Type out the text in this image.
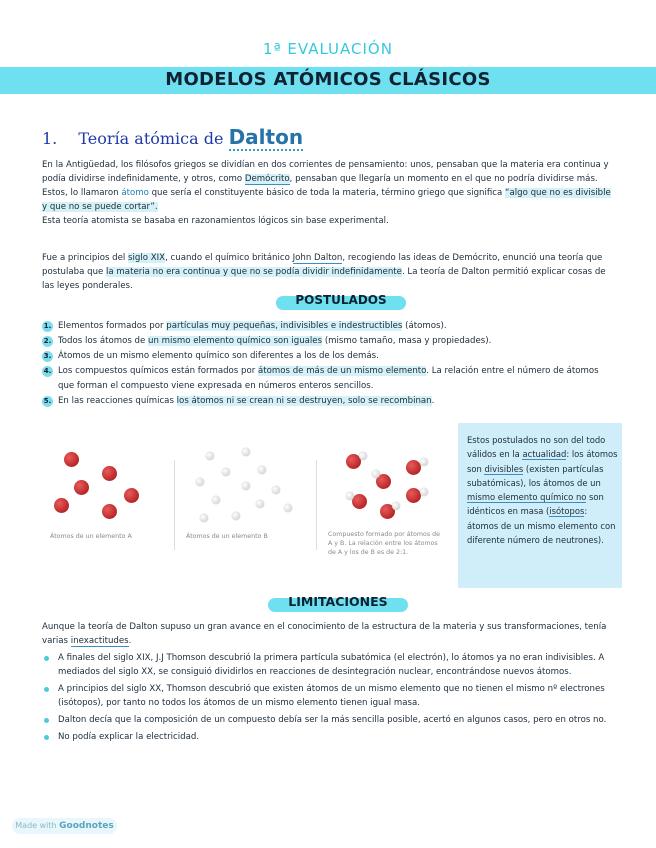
1ª EVALUACIÓN
MODELOS ATÓMICOS CLÁSICOS
1. Teoría atómica de Dalton
En la Antigüedad, los filósofos griegos se dividían en dos corrientes de pensamiento: unos, pensaban que la materia era continua y podía dividirse indefinidamente, y otros, como Demócrito, pensaban que llegaría un momento en el que no podría dividirse más. Estos, lo llamaron átomo que sería el constituyente básico de toda la materia, término griego que significa “algo que no es divisible y que no se puede cortar”.
Esta teoría atomista se basaba en razonamientos lógicos sin base experimental.
Fue a principios del siglo XIX, cuando el químico británico John Dalton, recogiendo las ideas de Demócrito, enunció una teoría que postulaba que la materia no era continua y que no se podía dividir indefinidamente. La teoría de Dalton permitió explicar cosas de las leyes ponderales.
POSTULADOS
1. Elementos formados por partículas muy pequeñas, indivisibles e indestructibles (átomos).
2. Todos los átomos de un mismo elemento químico son iguales (mismo tamaño, masa y propiedades).
3. Átomos de un mismo elemento químico son diferentes a los de los demás.
4. Los compuestos químicos están formados por átomos de más de un mismo elemento. La relación entre el número de átomos que forman el compuesto viene expresada en números enteros sencillos.
5. En las reacciones químicas los átomos ni se crean ni se destruyen, solo se recombinan.
Átomos de un elemento A	Átomos de un elemento B	Compuesto formado por átomos de A y B. La relación entre los átomos de A y los de B es de 2:1.
Estos postulados no son del todo válidos en la actualidad: los átomos son divisibles (existen partículas subatómicas), los átomos de un mismo elemento químico no son idénticos en masa (isótopos: átomos de un mismo elemento con diferente número de neutrones).
LIMITACIONES
Aunque la teoría de Dalton supuso un gran avance en el conocimiento de la estructura de la materia y sus transformaciones, tenía varias inexactitudes.
A finales del siglo XIX, J.J Thomson descubrió la primera partícula subatómica (el electrón), lo átomos ya no eran indivisibles. A mediados del siglo XX, se consiguió dividirlos en reacciones de desintegración nuclear, encontrándose nuevos átomos.
A principios del siglo XX, Thomson descubrió que existen átomos de un mismo elemento que no tienen el mismo nº electrones (isótopos), por tanto no todos los átomos de un mismo elemento tienen igual masa.
Dalton decía que la composición de un compuesto debía ser la más sencilla posible, acertó en algunos casos, pero en otros no.
No podía explicar la electricidad.
Made with Goodnotes
